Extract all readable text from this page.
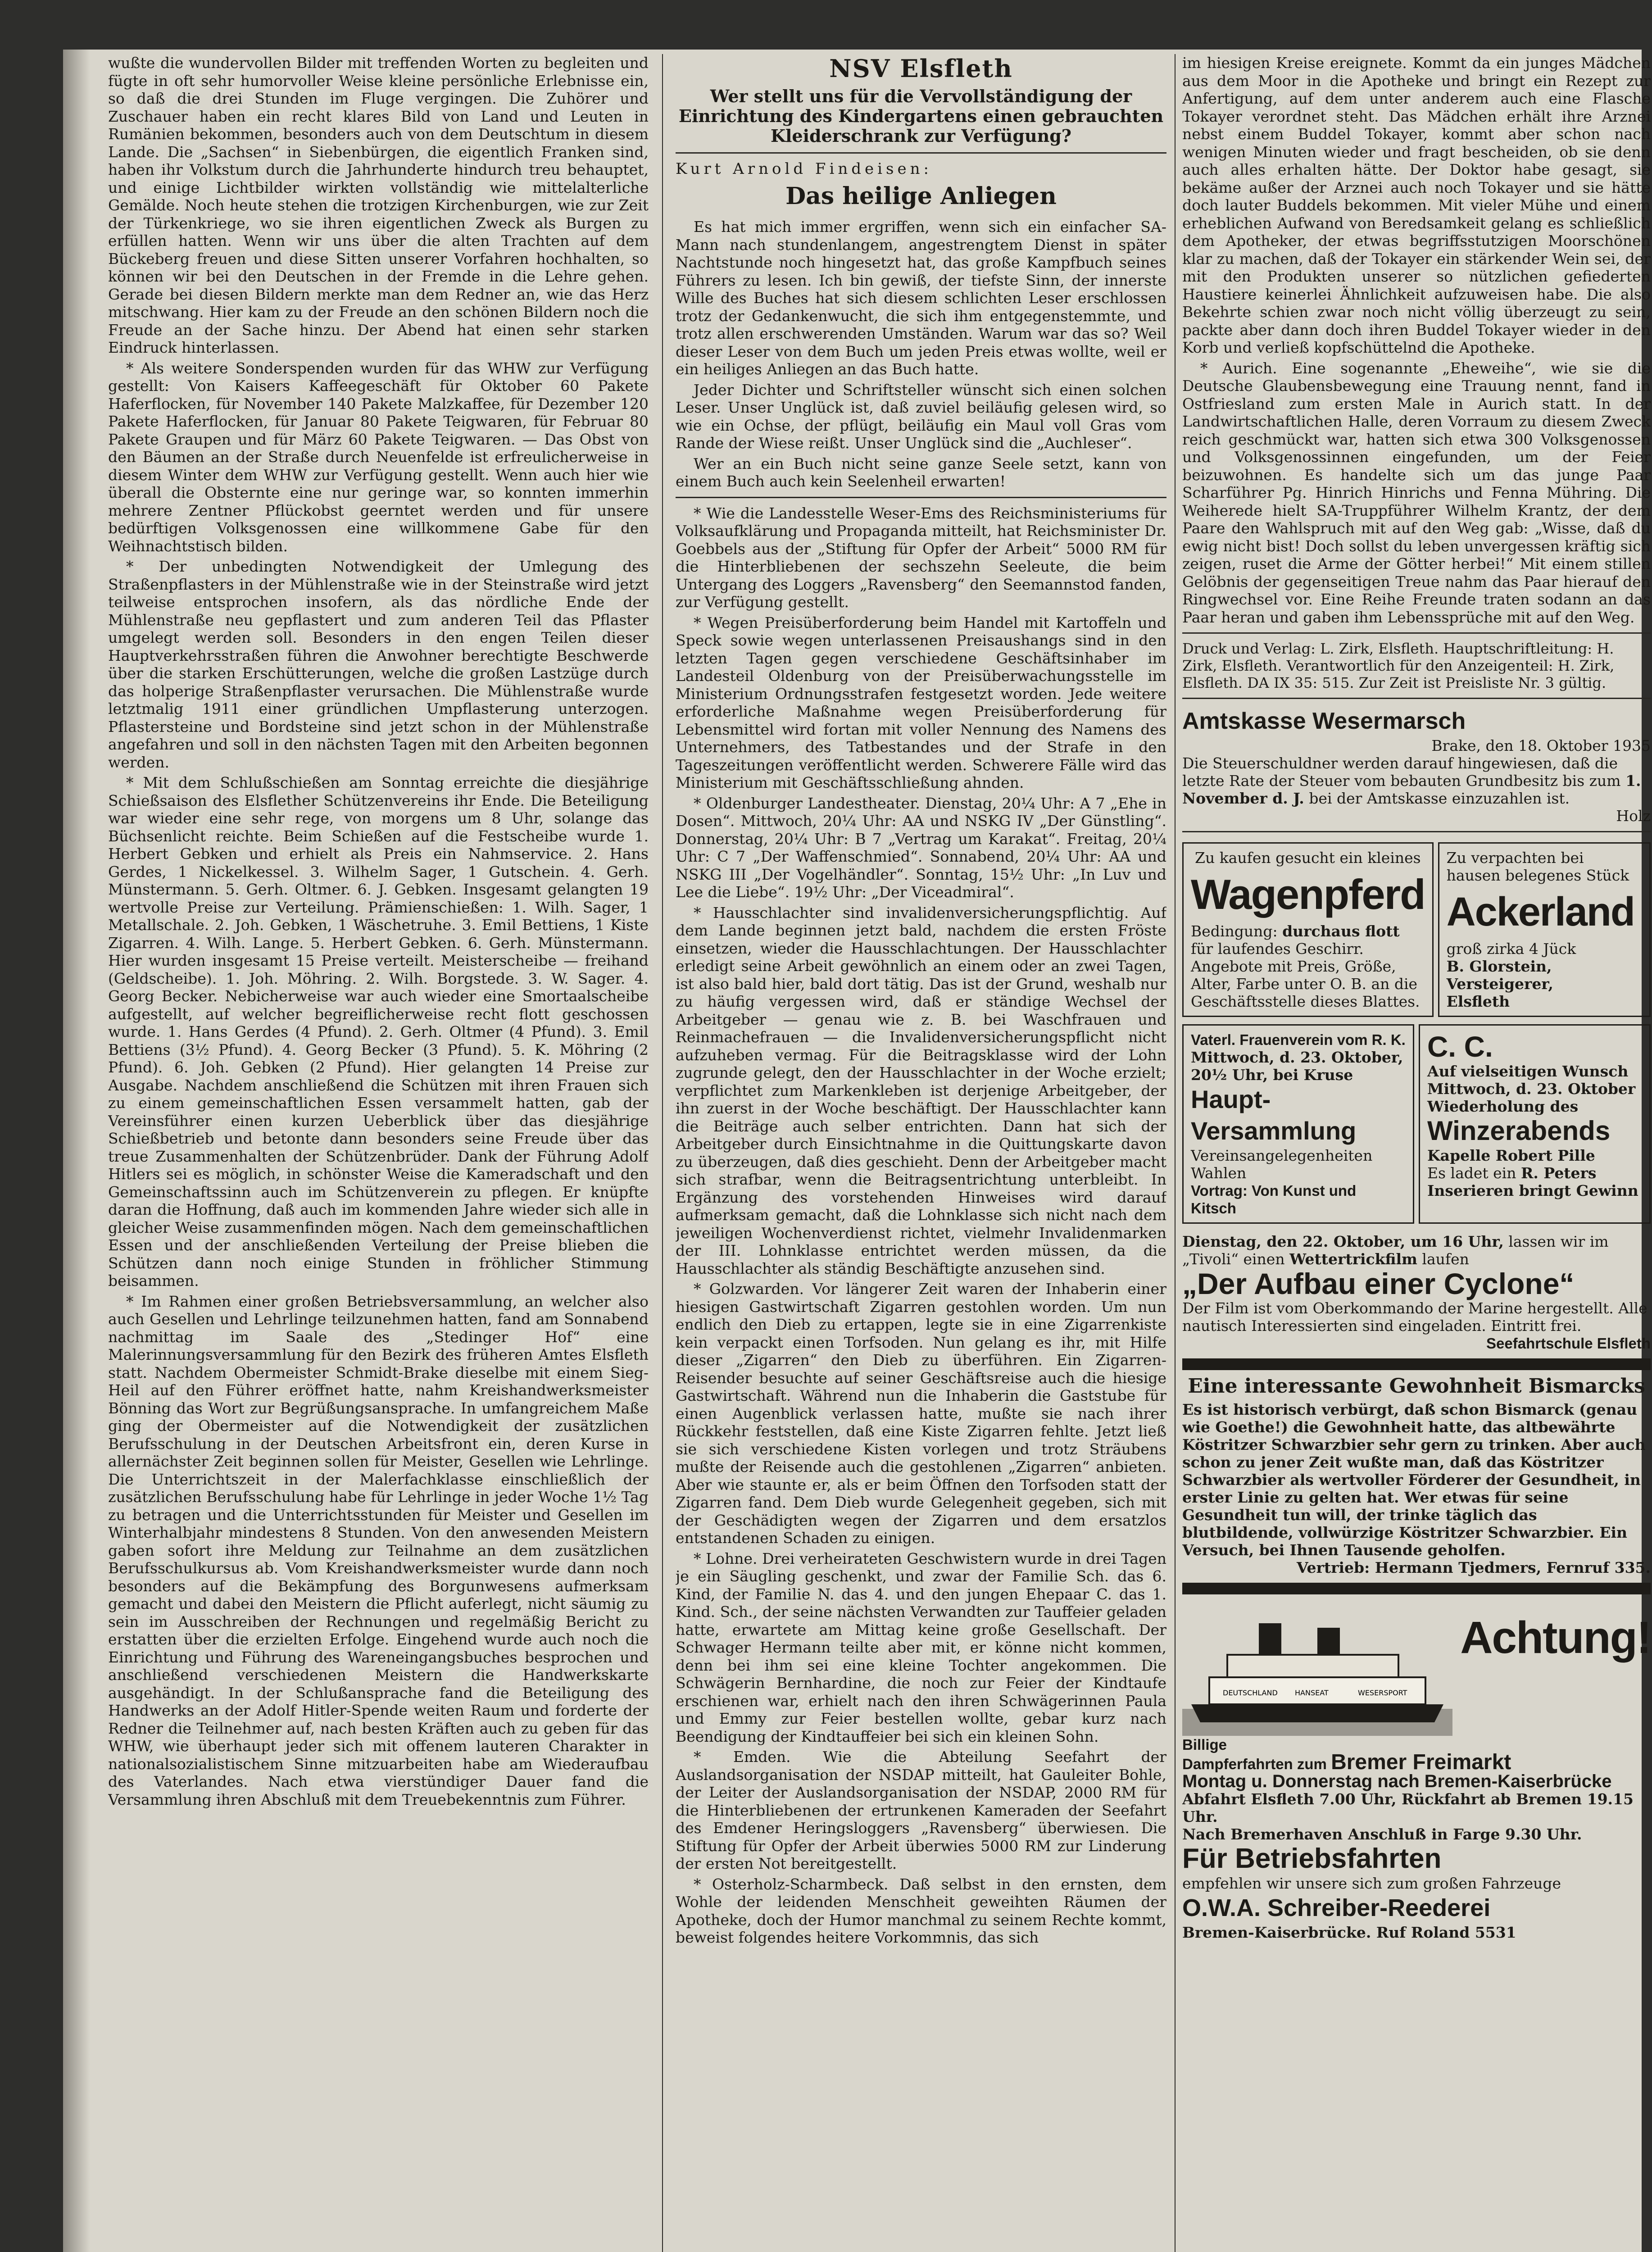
wußte die wundervollen Bilder mit treffenden Worten zu begleiten und fügte in oft sehr humorvoller Weise kleine persönliche Erlebnisse ein, so daß die drei Stunden im Fluge vergingen. Die Zuhörer und Zuschauer haben ein recht klares Bild von Land und Leuten in Rumänien bekommen, besonders auch von dem Deutschtum in diesem Lande. Die „Sachsen“ in Siebenbürgen, die eigentlich Franken sind, haben ihr Volkstum durch die Jahrhunderte hindurch treu behauptet, und einige Lichtbilder wirkten vollständig wie mittelalterliche Gemälde. Noch heute stehen die trotzigen Kirchenburgen, wie zur Zeit der Türkenkriege, wo sie ihren eigentlichen Zweck als Burgen zu erfüllen hatten. Wenn wir uns über die alten Trachten auf dem Bückeberg freuen und diese Sitten unserer Vorfahren hochhalten, so können wir bei den Deutschen in der Fremde in die Lehre gehen. Gerade bei diesen Bildern merkte man dem Redner an, wie das Herz mitschwang. Hier kam zu der Freude an den schönen Bildern noch die Freude an der Sache hinzu. Der Abend hat einen sehr starken Eindruck hinterlassen.

* Als weitere Sonderspenden wurden für das WHW zur Verfügung gestellt: Von Kaisers Kaffeegeschäft für Oktober 60 Pakete Haferflocken, für November 140 Pakete Malzkaffee, für Dezember 120 Pakete Haferflocken, für Januar 80 Pakete Teigwaren, für Februar 80 Pakete Graupen und für März 60 Pakete Teigwaren. — Das Obst von den Bäumen an der Straße durch Neuenfelde ist erfreulicherweise in diesem Winter dem WHW zur Verfügung gestellt. Wenn auch hier wie überall die Obsternte eine nur geringe war, so konnten immerhin mehrere Zentner Pflückobst geerntet werden und für unsere bedürftigen Volksgenossen eine willkommene Gabe für den Weihnachtstisch bilden.

* Der unbedingten Notwendigkeit der Umlegung des Straßenpflasters in der Mühlenstraße wie in der Steinstraße wird jetzt teilweise entsprochen insofern, als das nördliche Ende der Mühlenstraße neu gepflastert und zum anderen Teil das Pflaster umgelegt werden soll. Besonders in den engen Teilen dieser Hauptverkehrsstraßen führen die Anwohner berechtigte Beschwerde über die starken Erschütterungen, welche die großen Lastzüge durch das holperige Straßenpflaster verursachen. Die Mühlenstraße wurde letztmalig 1911 einer gründlichen Umpflasterung unterzogen. Pflastersteine und Bordsteine sind jetzt schon in der Mühlenstraße angefahren und soll in den nächsten Tagen mit den Arbeiten begonnen werden.

* Mit dem Schlußschießen am Sonntag erreichte die diesjährige Schießsaison des Elsflether Schützenvereins ihr Ende. Die Beteiligung war wieder eine sehr rege, von morgens um 8 Uhr, solange das Büchsenlicht reichte. Beim Schießen auf die Festscheibe wurde 1. Herbert Gebken und erhielt als Preis ein Nahmservice. 2. Hans Gerdes, 1 Nickelkessel. 3. Wilhelm Sager, 1 Gutschein. 4. Gerh. Münstermann. 5. Gerh. Oltmer. 6. J. Gebken. Insgesamt gelangten 19 wertvolle Preise zur Verteilung. Prämienschießen: 1. Wilh. Sager, 1 Metallschale. 2. Joh. Gebken, 1 Wäschetruhe. 3. Emil Bettiens, 1 Kiste Zigarren. 4. Wilh. Lange. 5. Herbert Gebken. 6. Gerh. Münstermann. Hier wurden insgesamt 15 Preise verteilt. Meisterscheibe — freihand (Geldscheibe). 1. Joh. Möhring. 2. Wilh. Borgstede. 3. W. Sager. 4. Georg Becker. Nebicherweise war auch wieder eine Smortaalscheibe aufgestellt, auf welcher begreiflicherweise recht flott geschossen wurde. 1. Hans Gerdes (4 Pfund). 2. Gerh. Oltmer (4 Pfund). 3. Emil Bettiens (3½ Pfund). 4. Georg Becker (3 Pfund). 5. K. Möhring (2 Pfund). 6. Joh. Gebken (2 Pfund). Hier gelangten 14 Preise zur Ausgabe. Nachdem anschließend die Schützen mit ihren Frauen sich zu einem gemeinschaftlichen Essen versammelt hatten, gab der Vereinsführer einen kurzen Ueberblick über das diesjährige Schießbetrieb und betonte dann besonders seine Freude über das treue Zusammenhalten der Schützenbrüder. Dank der Führung Adolf Hitlers sei es möglich, in schönster Weise die Kameradschaft und den Gemeinschaftssinn auch im Schützenverein zu pflegen. Er knüpfte daran die Hoffnung, daß auch im kommenden Jahre wieder sich alle in gleicher Weise zusammenfinden mögen. Nach dem gemeinschaftlichen Essen und der anschließenden Verteilung der Preise blieben die Schützen dann noch einige Stunden in fröhlicher Stimmung beisammen.

* Im Rahmen einer großen Betriebsversammlung, an welcher also auch Gesellen und Lehrlinge teilzunehmen hatten, fand am Sonnabend nachmittag im Saale des „Stedinger Hof“ eine Malerinnungsversammlung für den Bezirk des früheren Amtes Elsfleth statt. Nachdem Obermeister Schmidt-Brake dieselbe mit einem Sieg-Heil auf den Führer eröffnet hatte, nahm Kreishandwerksmeister Bönning das Wort zur Begrüßungsansprache. In umfangreichem Maße ging der Obermeister auf die Notwendigkeit der zusätzlichen Berufsschulung in der Deutschen Arbeitsfront ein, deren Kurse in allernächster Zeit beginnen sollen für Meister, Gesellen wie Lehrlinge. Die Unterrichtszeit in der Malerfachklasse einschließlich der zusätzlichen Berufsschulung habe für Lehrlinge in jeder Woche 1½ Tag zu betragen und die Unterrichtsstunden für Meister und Gesellen im Winterhalbjahr mindestens 8 Stunden. Von den anwesenden Meistern gaben sofort ihre Meldung zur Teilnahme an dem zusätzlichen Berufsschulkursus ab. Vom Kreishandwerksmeister wurde dann noch besonders auf die Bekämpfung des Borgunwesens aufmerksam gemacht und dabei den Meistern die Pflicht auferlegt, nicht säumig zu sein im Ausschreiben der Rechnungen und regelmäßig Bericht zu erstatten über die erzielten Erfolge. Eingehend wurde auch noch die Einrichtung und Führung des Wareneingangsbuches besprochen und anschließend verschiedenen Meistern die Handwerkskarte ausgehändigt. In der Schlußansprache fand die Beteiligung des Handwerks an der Adolf Hitler-Spende weiten Raum und forderte der Redner die Teilnehmer auf, nach besten Kräften auch zu geben für das WHW, wie überhaupt jeder sich mit offenem lauteren Charakter in nationalsozialistischem Sinne mitzuarbeiten habe am Wiederaufbau des Vaterlandes. Nach etwa vierstündiger Dauer fand die Versammlung ihren Abschluß mit dem Treuebekenntnis zum Führer.

NSV Elsfleth
Wer stellt uns für die Vervollständigung der Einrichtung des Kindergartens einen gebrauchten Kleiderschrank zur Verfügung?
Kurt Arnold Findeisen:
Das heilige Anliegen

Es hat mich immer ergriffen, wenn sich ein einfacher SA-Mann nach stundenlangem, angestrengtem Dienst in später Nachtstunde noch hingesetzt hat, das große Kampfbuch seines Führers zu lesen. Ich bin gewiß, der tiefste Sinn, der innerste Wille des Buches hat sich diesem schlichten Leser erschlossen trotz der Gedankenwucht, die sich ihm entgegenstemmte, und trotz allen erschwerenden Umständen. Warum war das so? Weil dieser Leser von dem Buch um jeden Preis etwas wollte, weil er ein heiliges Anliegen an das Buch hatte.

Jeder Dichter und Schriftsteller wünscht sich einen solchen Leser. Unser Unglück ist, daß zuviel beiläufig gelesen wird, so wie ein Ochse, der pflügt, beiläufig ein Maul voll Gras vom Rande der Wiese reißt. Unser Unglück sind die „Auchleser“.

Wer an ein Buch nicht seine ganze Seele setzt, kann von einem Buch auch kein Seelenheil erwarten!

* Wie die Landesstelle Weser-Ems des Reichsministeriums für Volksaufklärung und Propaganda mitteilt, hat Reichsminister Dr. Goebbels aus der „Stiftung für Opfer der Arbeit“ 5000 RM für die Hinterbliebenen der sechszehn Seeleute, die beim Untergang des Loggers „Ravensberg“ den Seemannstod fanden, zur Verfügung gestellt.

* Wegen Preisüberforderung beim Handel mit Kartoffeln und Speck sowie wegen unterlassenen Preisaushangs sind in den letzten Tagen gegen verschiedene Geschäftsinhaber im Landesteil Oldenburg von der Preisüberwachungsstelle im Ministerium Ordnungsstrafen festgesetzt worden. Jede weitere erforderliche Maßnahme wegen Preisüberforderung für Lebensmittel wird fortan mit voller Nennung des Namens des Unternehmers, des Tatbestandes und der Strafe in den Tageszeitungen veröffentlicht werden. Schwerere Fälle wird das Ministerium mit Geschäftsschließung ahnden.

* Oldenburger Landestheater. Dienstag, 20¼ Uhr: A 7 „Ehe in Dosen“. Mittwoch, 20¼ Uhr: AA und NSKG IV „Der Günstling“. Donnerstag, 20¼ Uhr: B 7 „Vertrag um Karakat“. Freitag, 20¼ Uhr: C 7 „Der Waffenschmied“. Sonnabend, 20¼ Uhr: AA und NSKG III „Der Vogelhändler“. Sonntag, 15½ Uhr: „In Luv und Lee die Liebe“. 19½ Uhr: „Der Viceadmiral“.

* Hausschlachter sind invalidenversicherungspflichtig. Auf dem Lande beginnen jetzt bald, nachdem die ersten Fröste einsetzen, wieder die Hausschlachtungen. Der Hausschlachter erledigt seine Arbeit gewöhnlich an einem oder an zwei Tagen, ist also bald hier, bald dort tätig. Das ist der Grund, weshalb nur zu häufig vergessen wird, daß er ständige Wechsel der Arbeitgeber — genau wie z. B. bei Waschfrauen und Reinmachefrauen — die Invalidenversicherungspflicht nicht aufzuheben vermag. Für die Beitragsklasse wird der Lohn zugrunde gelegt, den der Hausschlachter in der Woche erzielt; verpflichtet zum Markenkleben ist derjenige Arbeitgeber, der ihn zuerst in der Woche beschäftigt. Der Hausschlachter kann die Beiträge auch selber entrichten. Dann hat sich der Arbeitgeber durch Einsichtnahme in die Quittungskarte davon zu überzeugen, daß dies geschieht. Denn der Arbeitgeber macht sich strafbar, wenn die Beitragsentrichtung unterbleibt. In Ergänzung des vorstehenden Hinweises wird darauf aufmerksam gemacht, daß die Lohnklasse sich nicht nach dem jeweiligen Wochenverdienst richtet, vielmehr Invalidenmarken der III. Lohnklasse entrichtet werden müssen, da die Hausschlachter als ständig Beschäftigte anzusehen sind.

* Golzwarden. Vor längerer Zeit waren der Inhaberin einer hiesigen Gastwirtschaft Zigarren gestohlen worden. Um nun endlich den Dieb zu ertappen, legte sie in eine Zigarrenkiste kein verpackt einen Torfsoden. Nun gelang es ihr, mit Hilfe dieser „Zigarren“ den Dieb zu überführen. Ein Zigarren-Reisender besuchte auf seiner Geschäftsreise auch die hiesige Gastwirtschaft. Während nun die Inhaberin die Gaststube für einen Augenblick verlassen hatte, mußte sie nach ihrer Rückkehr feststellen, daß eine Kiste Zigarren fehlte. Jetzt ließ sie sich verschiedene Kisten vorlegen und trotz Sträubens mußte der Reisende auch die gestohlenen „Zigarren“ anbieten. Aber wie staunte er, als er beim Öffnen den Torfsoden statt der Zigarren fand. Dem Dieb wurde Gelegenheit gegeben, sich mit der Geschädigten wegen der Zigarren und dem ersatzlos entstandenen Schaden zu einigen.

* Lohne. Drei verheirateten Geschwistern wurde in drei Tagen je ein Säugling geschenkt, und zwar der Familie Sch. das 6. Kind, der Familie N. das 4. und den jungen Ehepaar C. das 1. Kind. Sch., der seine nächsten Verwandten zur Tauffeier geladen hatte, erwartete am Mittag keine große Gesellschaft. Der Schwager Hermann teilte aber mit, er könne nicht kommen, denn bei ihm sei eine kleine Tochter angekommen. Die Schwägerin Bernhardine, die noch zur Feier der Kindtaufe erschienen war, erhielt nach den ihren Schwägerinnen Paula und Emmy zur Feier bestellen wollte, gebar kurz nach Beendigung der Kindtauffeier bei sich ein kleinen Sohn.

* Emden. Wie die Abteilung Seefahrt der Auslandsorganisation der NSDAP mitteilt, hat Gauleiter Bohle, der Leiter der Auslandsorganisation der NSDAP, 2000 RM für die Hinterbliebenen der ertrunkenen Kameraden der Seefahrt des Emdener Heringsloggers „Ravensberg“ überwiesen. Die Stiftung für Opfer der Arbeit überwies 5000 RM zur Linderung der ersten Not bereitgestellt.

* Osterholz-Scharmbeck. Daß selbst in den ernsten, dem Wohle der leidenden Menschheit geweihten Räumen der Apotheke, doch der Humor manchmal zu seinem Rechte kommt, beweist folgendes heitere Vorkommnis, das sich

im hiesigen Kreise ereignete. Kommt da ein junges Mädchen aus dem Moor in die Apotheke und bringt ein Rezept zur Anfertigung, auf dem unter anderem auch eine Flasche Tokayer verordnet steht. Das Mädchen erhält ihre Arznei nebst einem Buddel Tokayer, kommt aber schon nach wenigen Minuten wieder und fragt bescheiden, ob sie denn auch alles erhalten hätte. Der Doktor habe gesagt, sie bekäme außer der Arznei auch noch Tokayer und sie hätte doch lauter Buddels bekommen. Mit vieler Mühe und einem erheblichen Aufwand von Beredsamkeit gelang es schließlich dem Apotheker, der etwas begriffsstutzigen Moorschönen klar zu machen, daß der Tokayer ein stärkender Wein sei, der mit den Produkten unserer so nützlichen gefiederten Haustiere keinerlei Ähnlichkeit aufzuweisen habe. Die also Bekehrte schien zwar noch nicht völlig überzeugt zu sein, packte aber dann doch ihren Buddel Tokayer wieder in den Korb und verließ kopfschüttelnd die Apotheke.

* Aurich. Eine sogenannte „Eheweihe“, wie sie die Deutsche Glaubensbewegung eine Trauung nennt, fand in Ostfriesland zum ersten Male in Aurich statt. In der Landwirtschaftlichen Halle, deren Vorraum zu diesem Zweck reich geschmückt war, hatten sich etwa 300 Volksgenossen und Volksgenossinnen eingefunden, um der Feier beizuwohnen. Es handelte sich um das junge Paar Scharführer Pg. Hinrich Hinrichs und Fenna Mühring. Die Weiherede hielt SA-Truppführer Wilhelm Krantz, der dem Paare den Wahlspruch mit auf den Weg gab: „Wisse, daß du ewig nicht bist! Doch sollst du leben unvergessen kräftig sich zeigen, ruset die Arme der Götter herbei!“ Mit einem stillen Gelöbnis der gegenseitigen Treue nahm das Paar hierauf den Ringwechsel vor. Eine Reihe Freunde traten sodann an das Paar heran und gaben ihm Lebenssprüche mit auf den Weg.

Druck und Verlag: L. Zirk, Elsfleth. Hauptschriftleitung: H. Zirk, Elsfleth. Verantwortlich für den Anzeigenteil: H. Zirk, Elsfleth. DA IX 35: 515. Zur Zeit ist Preisliste Nr. 3 gültig.
Amtskasse Wesermarsch
Brake, den 18. Oktober 1935
Die Steuerschuldner werden darauf hingewiesen, daß die letzte Rate der Steuer vom bebauten Grundbesitz bis zum 1. November d. J. bei der Amtskasse einzuzahlen ist.
Holz
Zu kaufen gesucht ein kleines
Wagenpferd
Bedingung: durchaus flott für laufendes Geschirr.
Angebote mit Preis, Größe, Alter, Farbe unter O. B. an die Geschäftsstelle dieses Blattes.
Zu verpachten bei
hausen belegenes Stück
Ackerland
groß zirka 4 Jück
B. Glorstein, Versteigerer,
Elsfleth
Vaterl. Frauenverein vom R. K.
Mittwoch, d. 23. Oktober, 20½ Uhr, bei Kruse
Haupt-Versammlung
Vereinsangelegenheiten
Wahlen
Vortrag: Von Kunst und Kitsch
C. C.
Auf vielseitigen Wunsch Mittwoch, d. 23. Oktober Wiederholung des
Winzerabends
Kapelle Robert Pille
Es ladet ein R. Peters
Inserieren bringt Gewinn
Dienstag, den 22. Oktober, um 16 Uhr, lassen wir im „Tivoli“ einen Wettertrickfilm laufen
„Der Aufbau einer Cyclone“
Der Film ist vom Oberkommando der Marine hergestellt. Alle nautisch Interessierten sind eingeladen. Eintritt frei.
Seefahrtschule Elsfleth
Eine interessante Gewohnheit Bismarcks
Es ist historisch verbürgt, daß schon Bismarck (genau wie Goethe!) die Gewohnheit hatte, das altbewährte Köstritzer Schwarzbier sehr gern zu trinken. Aber auch schon zu jener Zeit wußte man, daß das Köstritzer Schwarzbier als wertvoller Förderer der Gesundheit, in erster Linie zu gelten hat. Wer etwas für seine Gesundheit tun will, der trinke täglich das blutbildende, vollwürzige Köstritzer Schwarzbier. Ein Versuch, bei Ihnen Tausende geholfen.
Vertrieb: Hermann Tjedmers, Fernruf 335.
DEUTSCHLAND HANSEAT	WESERSPORT
Achtung!
Billige
Dampferfahrten zum Bremer Freimarkt
Montag u. Donnerstag nach Bremen-Kaiserbrücke
Abfahrt Elsfleth 7.00 Uhr, Rückfahrt ab Bremen 19.15 Uhr.
Nach Bremerhaven Anschluß in Farge 9.30 Uhr.
Für Betriebsfahrten
empfehlen wir unsere sich zum großen Fahrzeuge
O.W.A. Schreiber-Reederei
Bremen-Kaiserbrücke. Ruf Roland 5531
